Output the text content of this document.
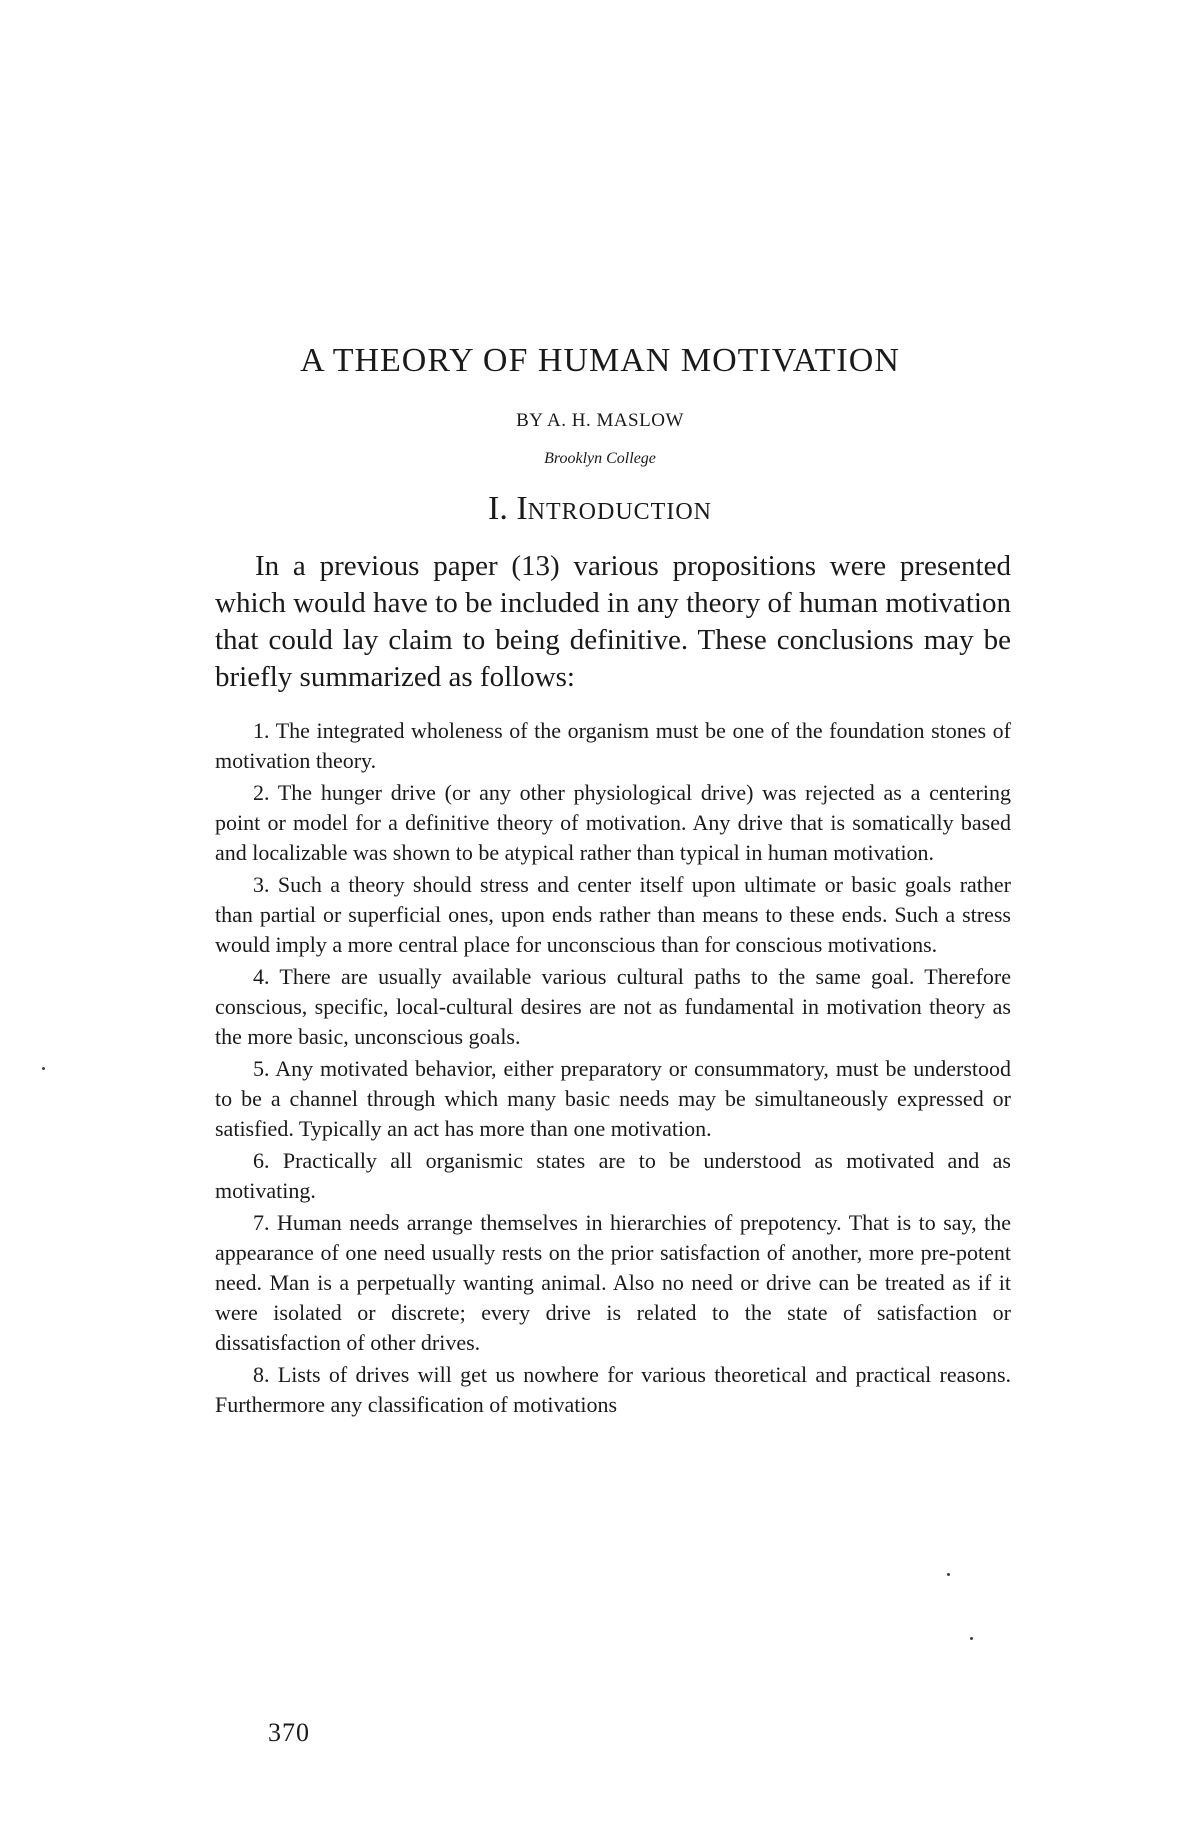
A THEORY OF HUMAN MOTIVATION
BY A. H. MASLOW
Brooklyn College
I. INTRODUCTION

In a previous paper (13) various propositions were presented which would have to be included in any theory of human motivation that could lay claim to being definitive. These conclusions may be briefly summarized as follows:

1. The integrated wholeness of the organism must be one of the foundation stones of motivation theory.
2. The hunger drive (or any other physiological drive) was rejected as a centering point or model for a definitive theory of motivation. Any drive that is somatically based and localizable was shown to be atypical rather than typical in human motivation.
3. Such a theory should stress and center itself upon ultimate or basic goals rather than partial or superficial ones, upon ends rather than means to these ends. Such a stress would imply a more central place for unconscious than for conscious motivations.
4. There are usually available various cultural paths to the same goal. Therefore conscious, specific, local-cultural desires are not as fundamental in motivation theory as the more basic, unconscious goals.
5. Any motivated behavior, either preparatory or consummatory, must be understood to be a channel through which many basic needs may be simultaneously expressed or satisfied. Typically an act has more than one motivation.
6. Practically all organismic states are to be understood as motivated and as motivating.
7. Human needs arrange themselves in hierarchies of prepotency. That is to say, the appearance of one need usually rests on the prior satisfaction of another, more pre-potent need. Man is a perpetually wanting animal. Also no need or drive can be treated as if it were isolated or discrete; every drive is related to the state of satisfaction or dissatisfaction of other drives.
8. Lists of drives will get us nowhere for various theoretical and practical reasons. Furthermore any classification of motivations
370
